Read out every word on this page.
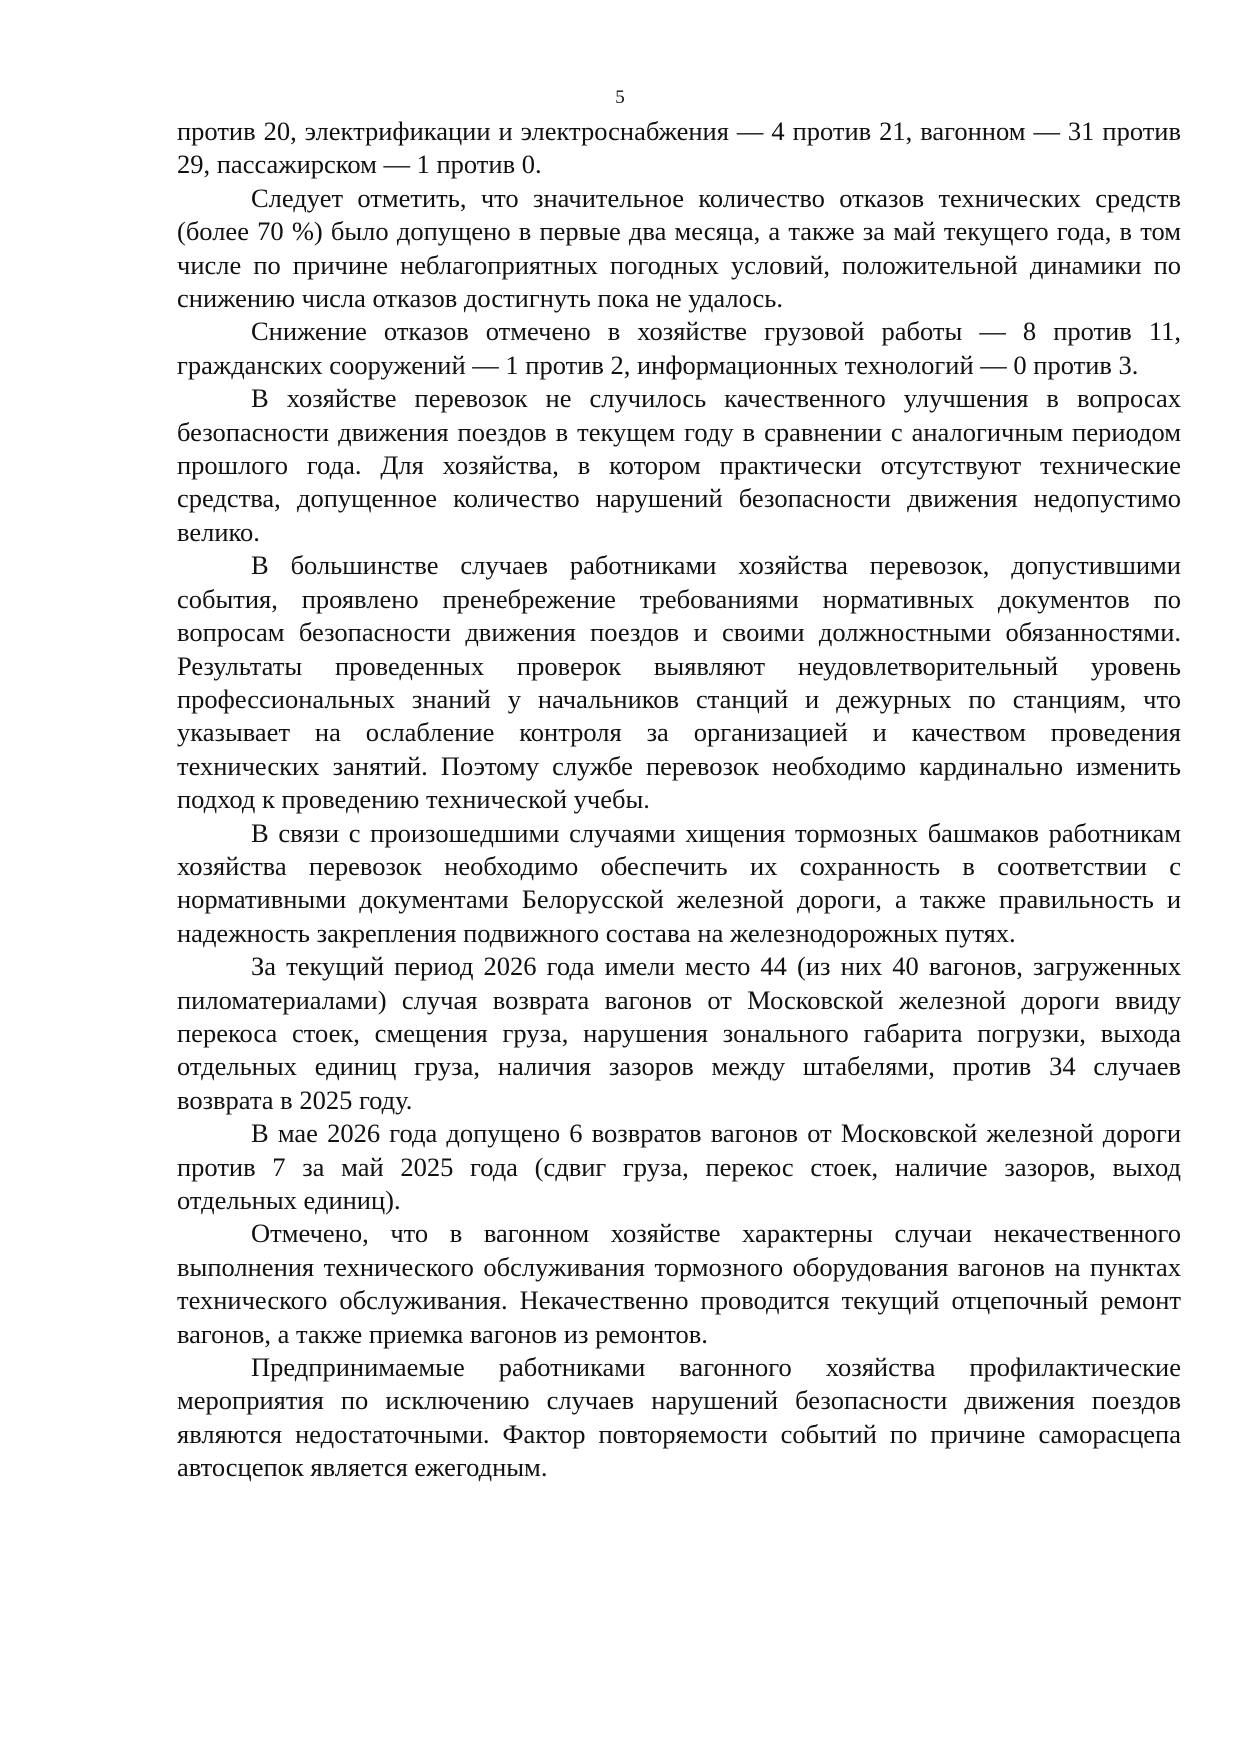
5

против 20, электрификации и электроснабжения — 4 против 21, вагонном — 31 против 29, пассажирском — 1 против 0.

Следует отметить, что значительное количество отказов технических средств (более 70 %) было допущено в первые два месяца, а также за май текущего года, в том числе по причине неблагоприятных погодных условий, положительной динамики по снижению числа отказов достигнуть пока не удалось.

Снижение отказов отмечено в хозяйстве грузовой работы — 8 против 11, гражданских сооружений — 1 против 2, информационных технологий — 0 против 3.

В хозяйстве перевозок не случилось качественного улучшения в вопросах безопасности движения поездов в текущем году в сравнении с аналогичным периодом прошлого года. Для хозяйства, в котором практически отсутствуют технические средства, допущенное количество нарушений безопасности движения недопустимо велико.

В большинстве случаев работниками хозяйства перевозок, допустившими события, проявлено пренебрежение требованиями нормативных документов по вопросам безопасности движения поездов и своими должностными обязанностями. Результаты проведенных проверок выявляют неудовлетворительный уровень профессиональных знаний у начальников станций и дежурных по станциям, что указывает на ослабление контроля за организацией и качеством проведения технических занятий. Поэтому службе перевозок необходимо кардинально изменить подход к проведению технической учебы.

В связи с произошедшими случаями хищения тормозных башмаков работникам хозяйства перевозок необходимо обеспечить их сохранность в соответствии с нормативными документами Белорусской железной дороги, а также правильность и надежность закрепления подвижного состава на железнодорожных путях.

За текущий период 2026 года имели место 44 (из них 40 вагонов, загруженных пиломатериалами) случая возврата вагонов от Московской железной дороги ввиду перекоса стоек, смещения груза, нарушения зонального габарита погрузки, выхода отдельных единиц груза, наличия зазоров между штабелями, против 34 случаев возврата в 2025 году.

В мае 2026 года допущено 6 возвратов вагонов от Московской железной дороги против 7 за май 2025 года (сдвиг груза, перекос стоек, наличие зазоров, выход отдельных единиц).

Отмечено, что в вагонном хозяйстве характерны случаи некачественного выполнения технического обслуживания тормозного оборудования вагонов на пунктах технического обслуживания. Некачественно проводится текущий отцепочный ремонт вагонов, а также приемка вагонов из ремонтов.

Предпринимаемые работниками вагонного хозяйства профилактические мероприятия по исключению случаев нарушений безопасности движения поездов являются недостаточными. Фактор повторяемости событий по причине саморасцепа автосцепок является ежегодным.
